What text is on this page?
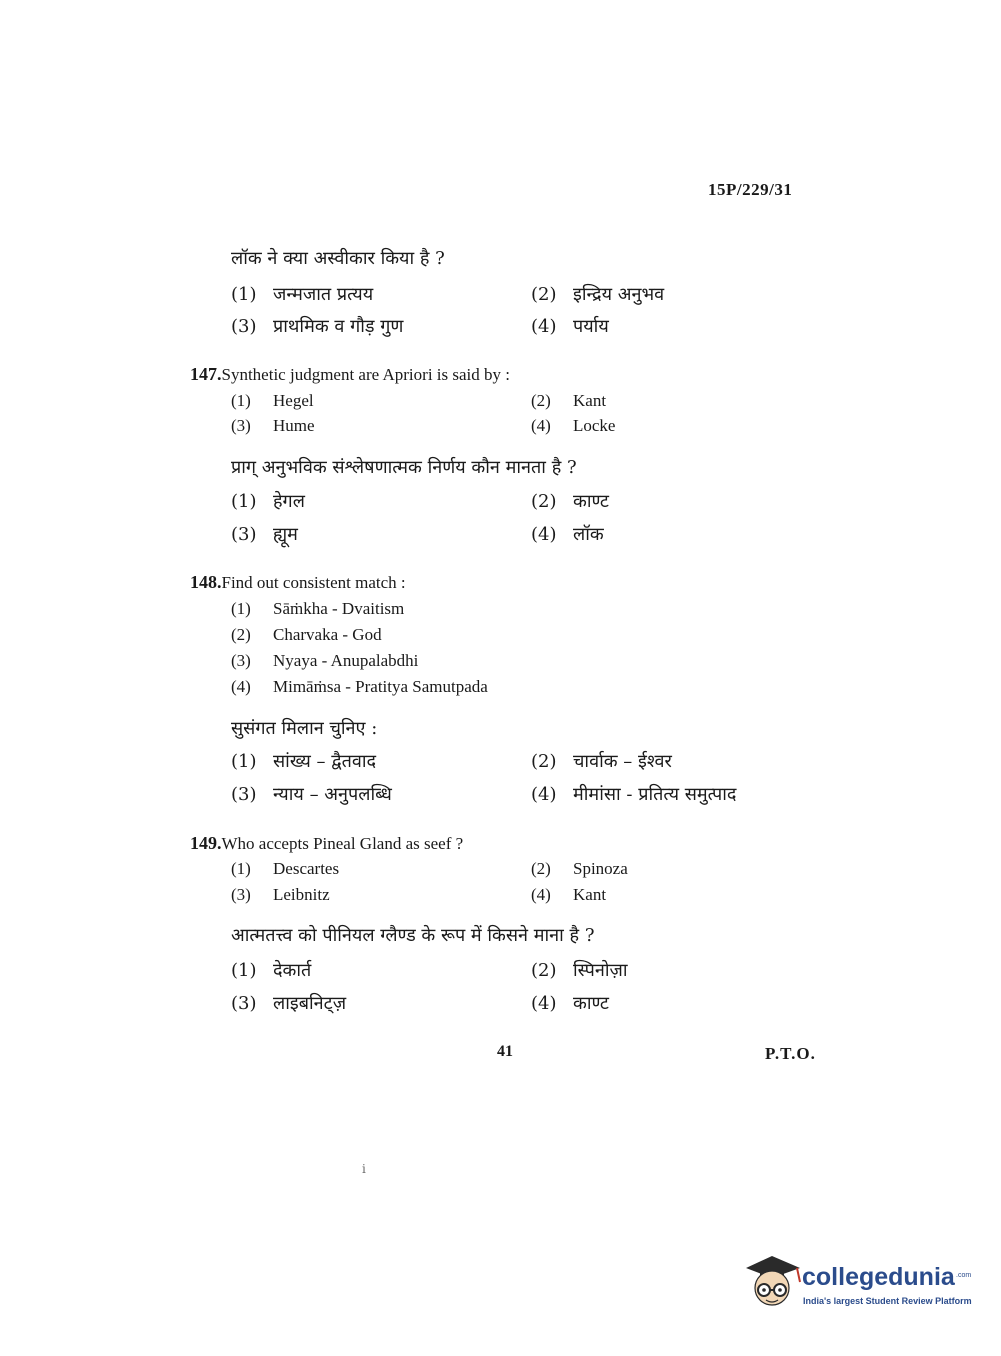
15P/229/31
लॉक ने क्या अस्वीकार किया है ?
(1) जन्मजात प्रत्यय	(2) इन्द्रिय अनुभव
(3) प्राथमिक व गौड़ गुण	(4) पर्याय
147.Synthetic judgment are Apriori is said by :
(1) Hegel	(2) Kant
(3) Hume	(4) Locke
प्राग् अनुभविक संश्लेषणात्मक निर्णय कौन मानता है ?
(1) हेगल	(2) काण्ट
(3) ह्यूम	(4) लॉक
148.Find out consistent match :
(1) Sāṁkha - Dvaitism
(2) Charvaka - God
(3) Nyaya - Anupalabdhi
(4) Mimāṁsa - Pratitya Samutpada
सुसंगत मिलान चुनिए :
(1) सांख्य – द्वैतवाद	(2) चार्वाक – ईश्वर
(3) न्याय – अनुपलब्धि	(4) मीमांसा - प्रतित्य समुत्पाद
149.Who accepts Pineal Gland as seef ?
(1) Descartes	(2) Spinoza
(3) Leibnitz	(4) Kant
आत्मतत्त्व को पीनियल ग्लैण्ड के रूप में किसने माना है ?
(1) देकार्त	(2) स्पिनोज़ा
(3) लाइबनिट्ज़	(4) काण्ट
41	P.T.O.
i
collegedunia .com
India's largest Student Review Platform
